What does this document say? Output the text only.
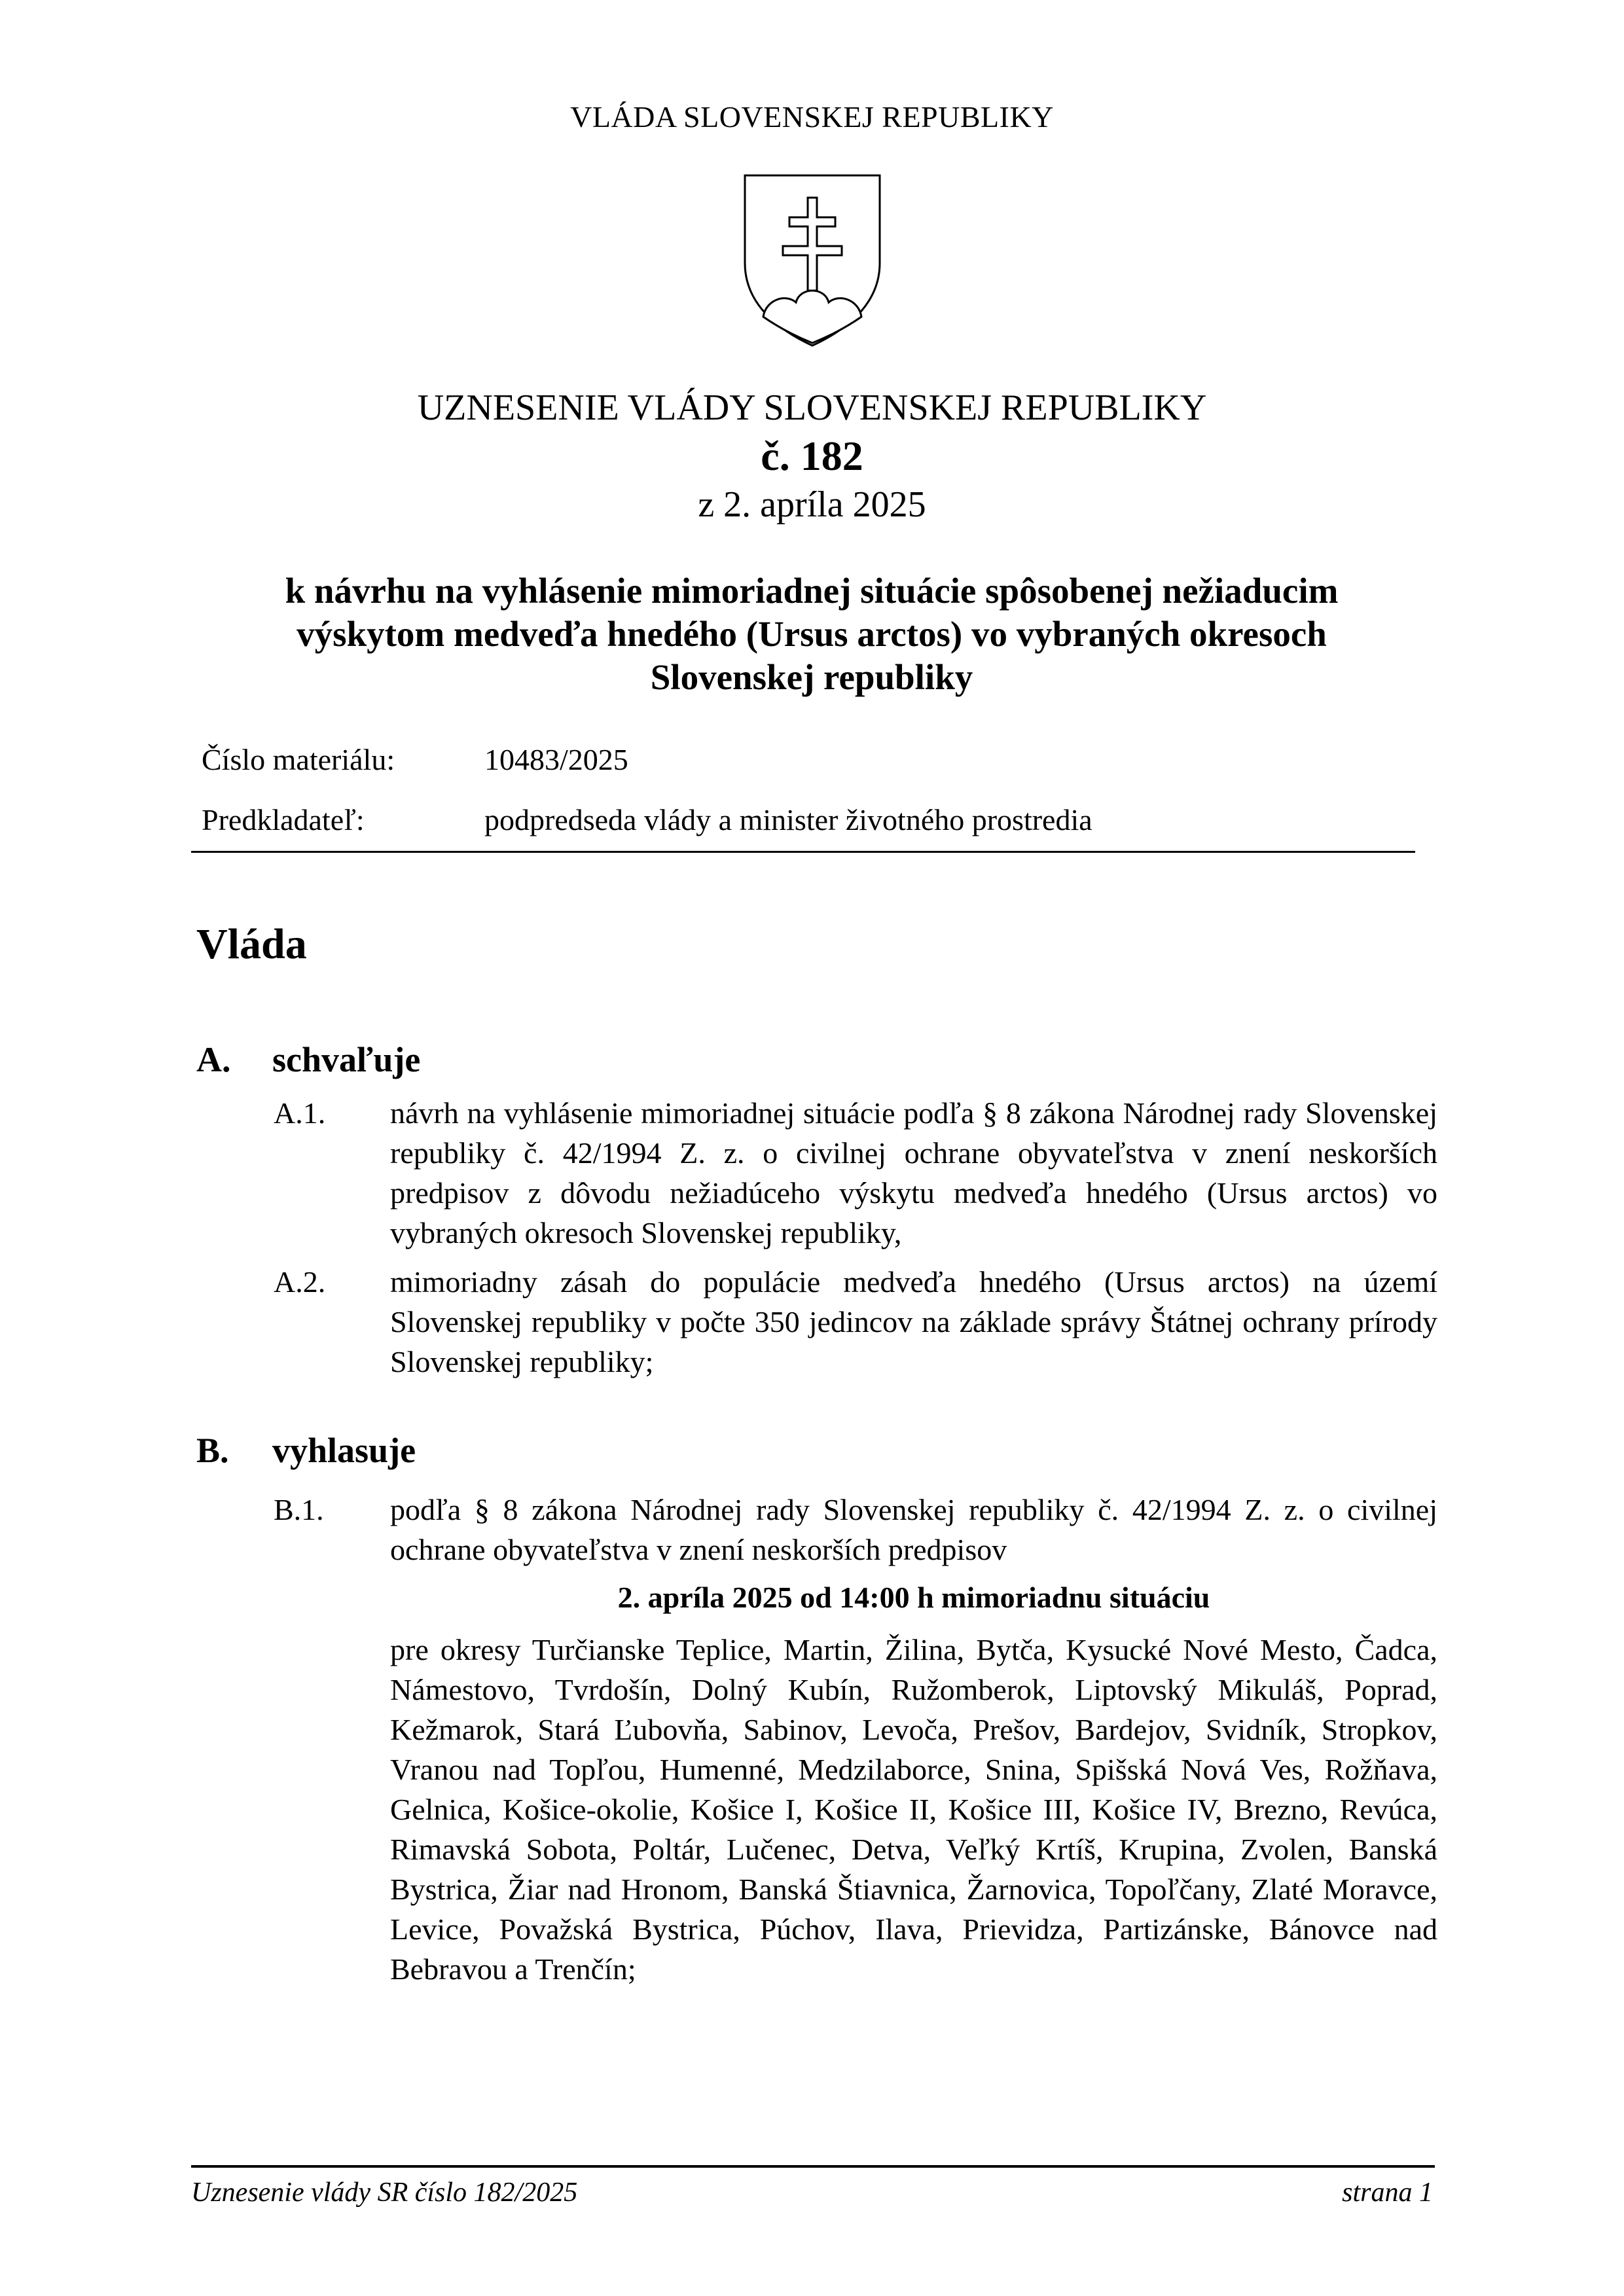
VLÁDA SLOVENSKEJ REPUBLIKY
UZNESENIE VLÁDY SLOVENSKEJ REPUBLIKY
č. 182
z 2. apríla 2025
k návrhu na vyhlásenie mimoriadnej situácie spôsobenej nežiaducim
výskytom medveďa hnedého (Ursus arctos) vo vybraných okresoch
Slovenskej republiky
Číslo materiálu:	10483/2025
Predkladateľ:	podpredseda vlády a minister životného prostredia
Vláda
A. schvaľuje
A.1. návrh na vyhlásenie mimoriadnej situácie podľa § 8 zákona Národnej rady Slovenskej republiky č. 42/1994 Z. z. o civilnej ochrane obyvateľstva v znení neskorších predpisov z dôvodu nežiadúceho výskytu medveďa hnedého (Ursus arctos) vo vybraných okresoch Slovenskej republiky,
A.2. mimoriadny zásah do populácie medveďa hnedého (Ursus arctos) na území Slovenskej republiky v počte 350 jedincov na základe správy Štátnej ochrany prírody Slovenskej republiky;
B. vyhlasuje
B.1. podľa § 8 zákona Národnej rady Slovenskej republiky č. 42/1994 Z. z. o civilnej ochrane obyvateľstva v znení neskorších predpisov
2. apríla 2025 od 14:00 h mimoriadnu situáciu
pre okresy Turčianske Teplice, Martin, Žilina, Bytča, Kysucké Nové Mesto, Čadca, Námestovo, Tvrdošín, Dolný Kubín, Ružomberok, Liptovský Mikuláš, Poprad, Kežmarok, Stará Ľubovňa, Sabinov, Levoča, Prešov, Bardejov, Svidník, Stropkov, Vranou nad Topľou, Humenné, Medzilaborce, Snina, Spišská Nová Ves, Rožňava, Gelnica, Košice-okolie, Košice I, Košice II, Košice III, Košice IV, Brezno, Revúca, Rimavská Sobota, Poltár, Lučenec, Detva, Veľký Krtíš, Krupina, Zvolen, Banská Bystrica, Žiar nad Hronom, Banská Štiavnica, Žarnovica, Topoľčany, Zlaté Moravce, Levice, Považská Bystrica, Púchov, Ilava, Prievidza, Partizánske, Bánovce nad Bebravou a Trenčín;
Uznesenie vlády SR číslo 182/2025	strana 1
